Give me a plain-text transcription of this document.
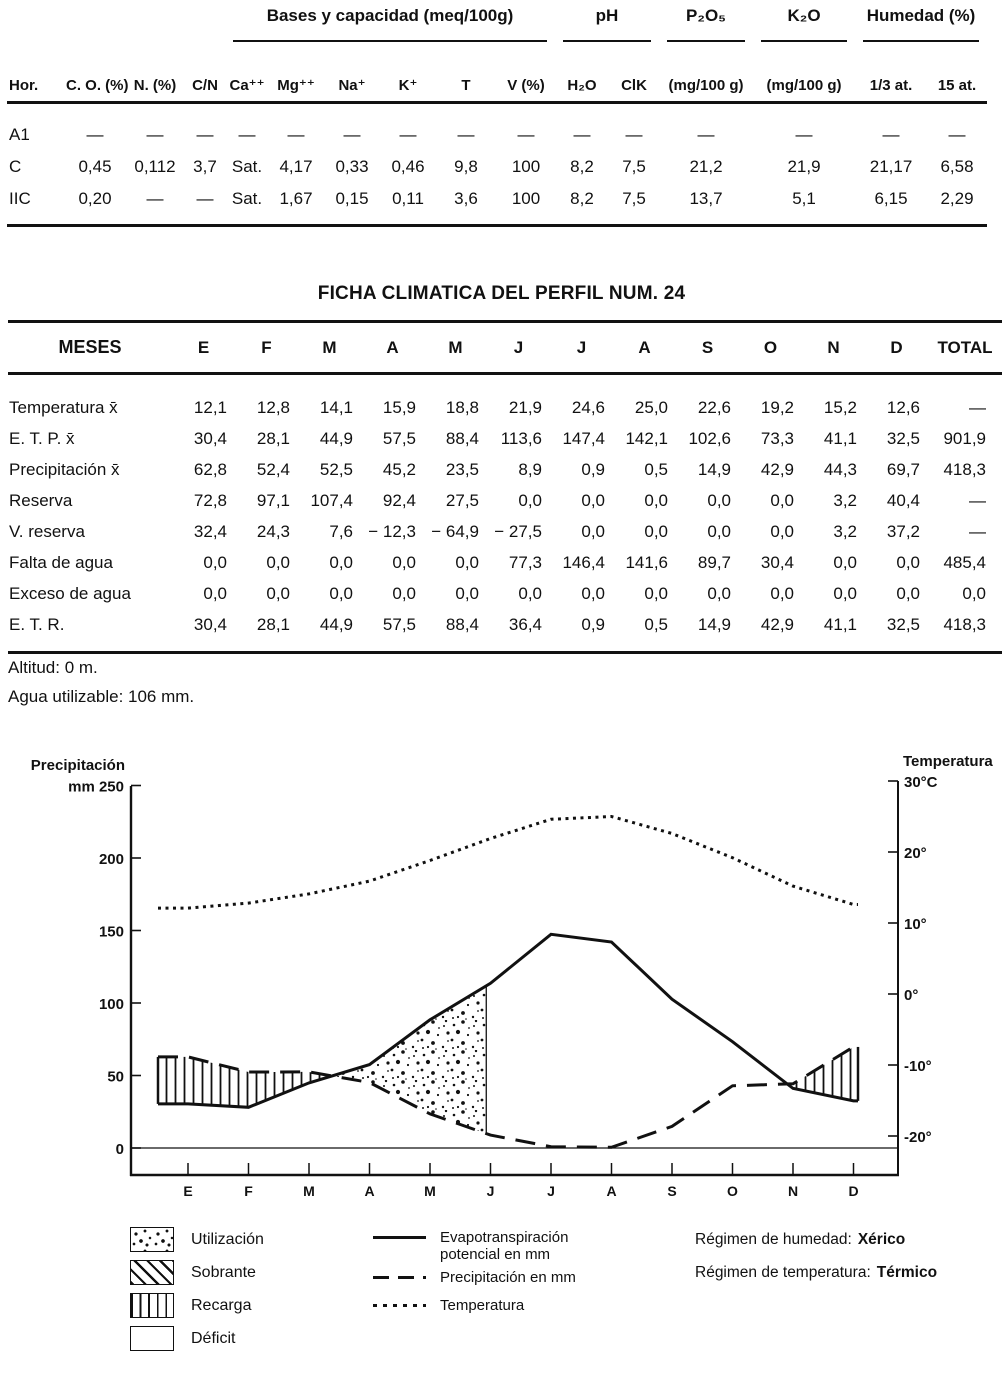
				Bases y capacidad (meq/100g)						pH		P₂O₅	K₂O	Humedad (%)	
Hor.	C. O. (%)	N. (%)	C/N	Ca⁺⁺	Mg⁺⁺	Na⁺	K⁺	T	V (%)	H₂O	ClK	(mg/100 g)	(mg/100 g)	1/3 at.	15 at.
A1	—	—	—	—	—	—	—	—	—	—	—	—	—	—	—
C	0,45	0,112	3,7	Sat.	4,17	0,33	0,46	9,8	100	8,2	7,5	21,2	21,9	21,17	6,58
IIC	0,20	—	—	Sat.	1,67	0,15	0,11	3,6	100	8,2	7,5	13,7	5,1	6,15	2,29
FICHA CLIMATICA DEL PERFIL NUM. 24
MESES	E	F	M	A	M	J	J	A	S	O	N	D	TOTAL
Temperatura x̄	12,1	12,8	14,1	15,9	18,8	21,9	24,6	25,0	22,6	19,2	15,2	12,6	—
E. T. P. x̄	30,4	28,1	44,9	57,5	88,4	113,6	147,4	142,1	102,6	73,3	41,1	32,5	901,9
Precipitación x̄	62,8	52,4	52,5	45,2	23,5	8,9	0,9	0,5	14,9	42,9	44,3	69,7	418,3
Reserva	72,8	97,1	107,4	92,4	27,5	0,0	0,0	0,0	0,0	0,0	3,2	40,4	—
V. reserva	32,4	24,3	7,6	− 12,3	− 64,9	− 27,5	0,0	0,0	0,0	0,0	3,2	37,2	—
Falta de agua	0,0	0,0	0,0	0,0	0,0	77,3	146,4	141,6	89,7	30,4	0,0	0,0	485,4
Exceso de agua	0,0	0,0	0,0	0,0	0,0	0,0	0,0	0,0	0,0	0,0	0,0	0,0	0,0
E. T. R.	30,4	28,1	44,9	57,5	88,4	36,4	0,9	0,5	14,9	42,9	41,1	32,5	418,3
Altitud: 0 m.
Agua utilizable: 106 mm.
mm 250
200
150
100
50
0
Precipitación
30°C
20°
10°
0°
-10°
-20°
Temperatura
E	F	M	A	M	J	J	A	S	O	N	D
Utilización
Sobrante
Recarga
Déficit
Evapotranspiración
potencial en mm
Precipitación en mm
Temperatura
Régimen de humedad: Xérico
Régimen de temperatura: Térmico
